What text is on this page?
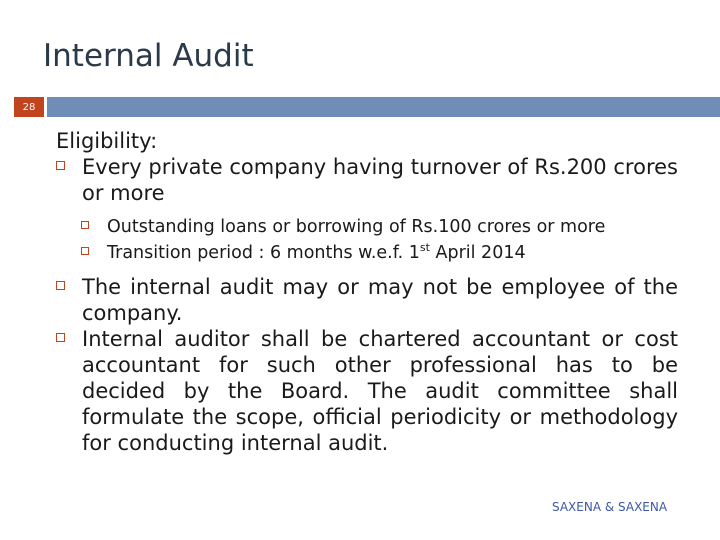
Internal Audit
28
Eligibility:
Every private company having turnover of Rs.200 crores or more
Outstanding loans or borrowing of Rs.100 crores or more
Transition period : 6 months w.e.f. 1st April 2014
The internal audit may or may not be employee of the company.
Internal auditor shall be chartered accountant or cost accountant for such other professional has to be decided by the Board. The audit committee shall formulate the scope, official periodicity or methodology for conducting internal audit.
SAXENA & SAXENA
